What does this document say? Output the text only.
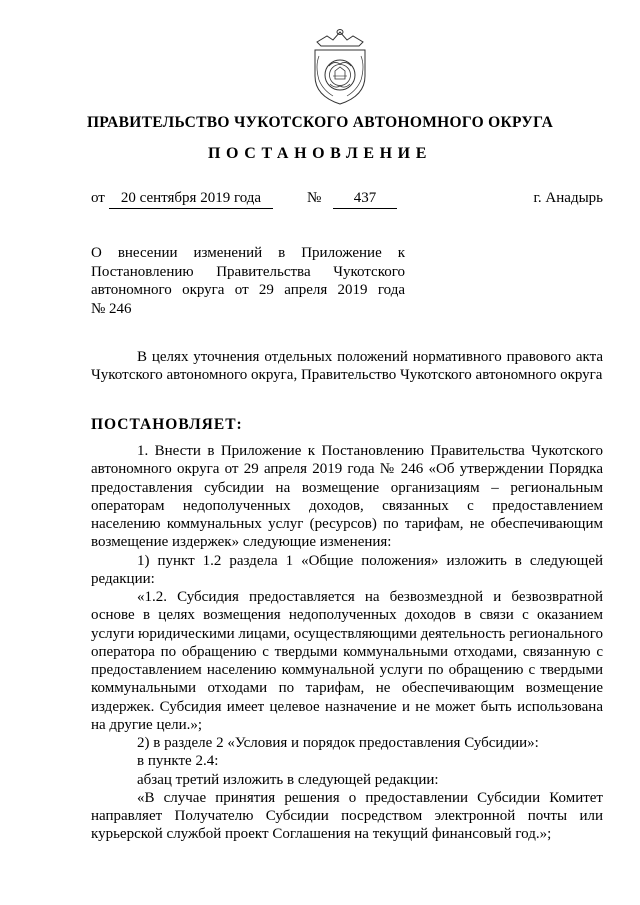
ПРАВИТЕЛЬСТВО ЧУКОТСКОГО АВТОНОМНОГО ОКРУГА
ПОСТАНОВЛЕНИЕ
от	20 сентября 2019 года	№	437	г. Анадырь
О внесении изменений в Приложение к
Постановлению Правительства Чукотского
автономного округа от 29 апреля 2019 года
№ 246

В целях уточнения отдельных положений нормативного правового акта Чукотского автономного округа, Правительство Чукотского автономного округа

ПОСТАНОВЛЯЕТ:

1. Внести в Приложение к Постановлению Правительства Чукотского автономного округа от 29 апреля 2019 года № 246 «Об утверждении Порядка предоставления субсидии на возмещение организациям – региональным операторам недополученных доходов, связанных с предоставлением населению коммунальных услуг (ресурсов) по тарифам, не обеспечивающим возмещение издержек» следующие изменения:

1) пункт 1.2 раздела 1 «Общие положения» изложить в следующей редакции:

«1.2. Субсидия предоставляется на безвозмездной и безвозвратной основе в целях возмещения недополученных доходов в связи с оказанием услуги юридическими лицами, осуществляющими деятельность регионального оператора по обращению с твердыми коммунальными отходами, связанную с предоставлением населению коммунальной услуги по обращению с твердыми коммунальными отходами по тарифам, не обеспечивающим возмещение издержек. Субсидия имеет целевое назначение и не может быть использована на другие цели.»;

2) в разделе 2 «Условия и порядок предоставления Субсидии»:

в пункте 2.4:

абзац третий изложить в следующей редакции:

«В случае принятия решения о предоставлении Субсидии Комитет направляет Получателю Субсидии посредством электронной почты или курьерской службой проект Соглашения на текущий финансовый год.»;
